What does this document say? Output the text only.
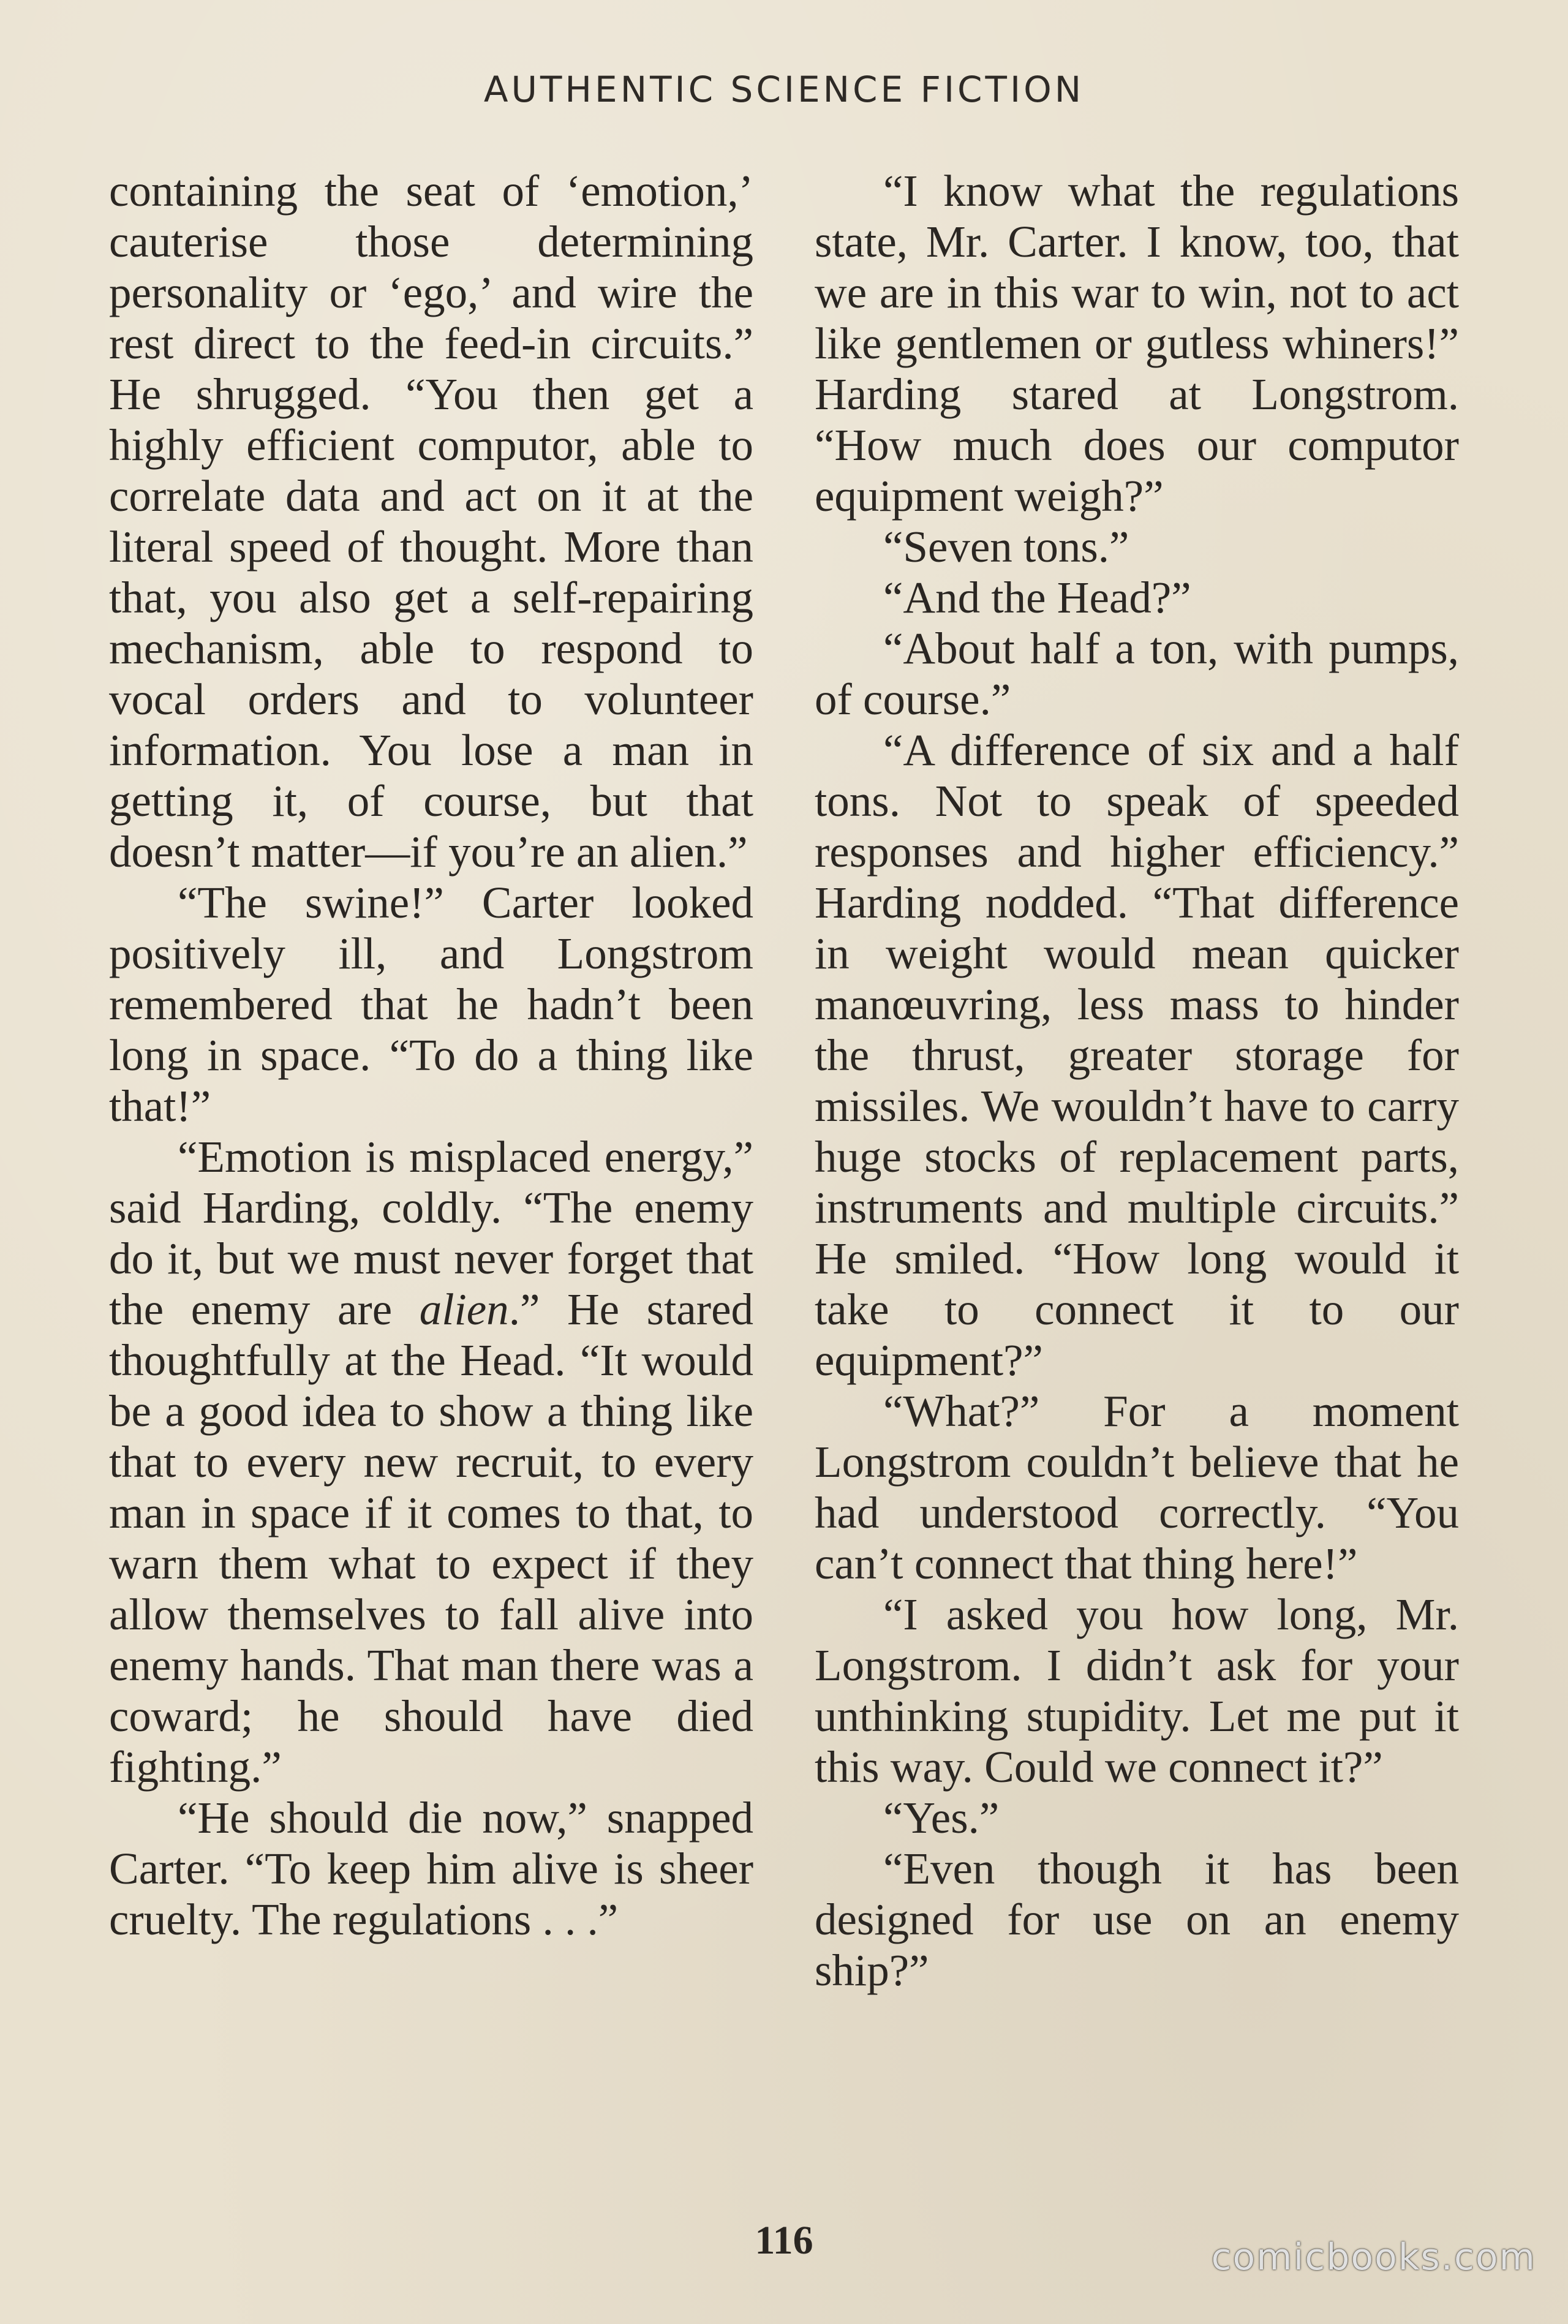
AUTHENTIC SCIENCE FICTION

containing the seat of ‘emotion,’ cauterise those determining personality or ‘ego,’ and wire the rest direct to the feed-in circuits.” He shrugged. “You then get a highly efficient computor, able to correlate data and act on it at the literal speed of thought. More than that, you also get a self-repairing mechanism, able to respond to vocal orders and to volunteer information. You lose a man in getting it, of course, but that doesn’t matter—if you’re an alien.”

“The swine!” Carter looked positively ill, and Longstrom remembered that he hadn’t been long in space. “To do a thing like that!”

“Emotion is misplaced energy,” said Harding, coldly. “The enemy do it, but we must never forget that the enemy are alien.” He stared thoughtfully at the Head. “It would be a good idea to show a thing like that to every new recruit, to every man in space if it comes to that, to warn them what to expect if they allow themselves to fall alive into enemy hands. That man there was a coward; he should have died fighting.”

“He should die now,” snapped Carter. “To keep him alive is sheer cruelty. The regulations . . .”

“I know what the regulations state, Mr. Carter. I know, too, that we are in this war to win, not to act like gentlemen or gutless whiners!” Harding stared at Longstrom. “How much does our computor equipment weigh?”

“Seven tons.”

“And the Head?”

“About half a ton, with pumps, of course.”

“A difference of six and a half tons. Not to speak of speeded responses and higher efficiency.” Harding nodded. “That difference in weight would mean quicker manœuvring, less mass to hinder the thrust, greater storage for missiles. We wouldn’t have to carry huge stocks of replacement parts, instruments and multiple circuits.” He smiled. “How long would it take to connect it to our equipment?”

“What?” For a moment Longstrom couldn’t believe that he had understood correctly. “You can’t connect that thing here!”

“I asked you how long, Mr. Longstrom. I didn’t ask for your unthinking stupidity. Let me put it this way. Could we connect it?”

“Yes.”

“Even though it has been designed for use on an enemy ship?”

116	comicbooks.com
